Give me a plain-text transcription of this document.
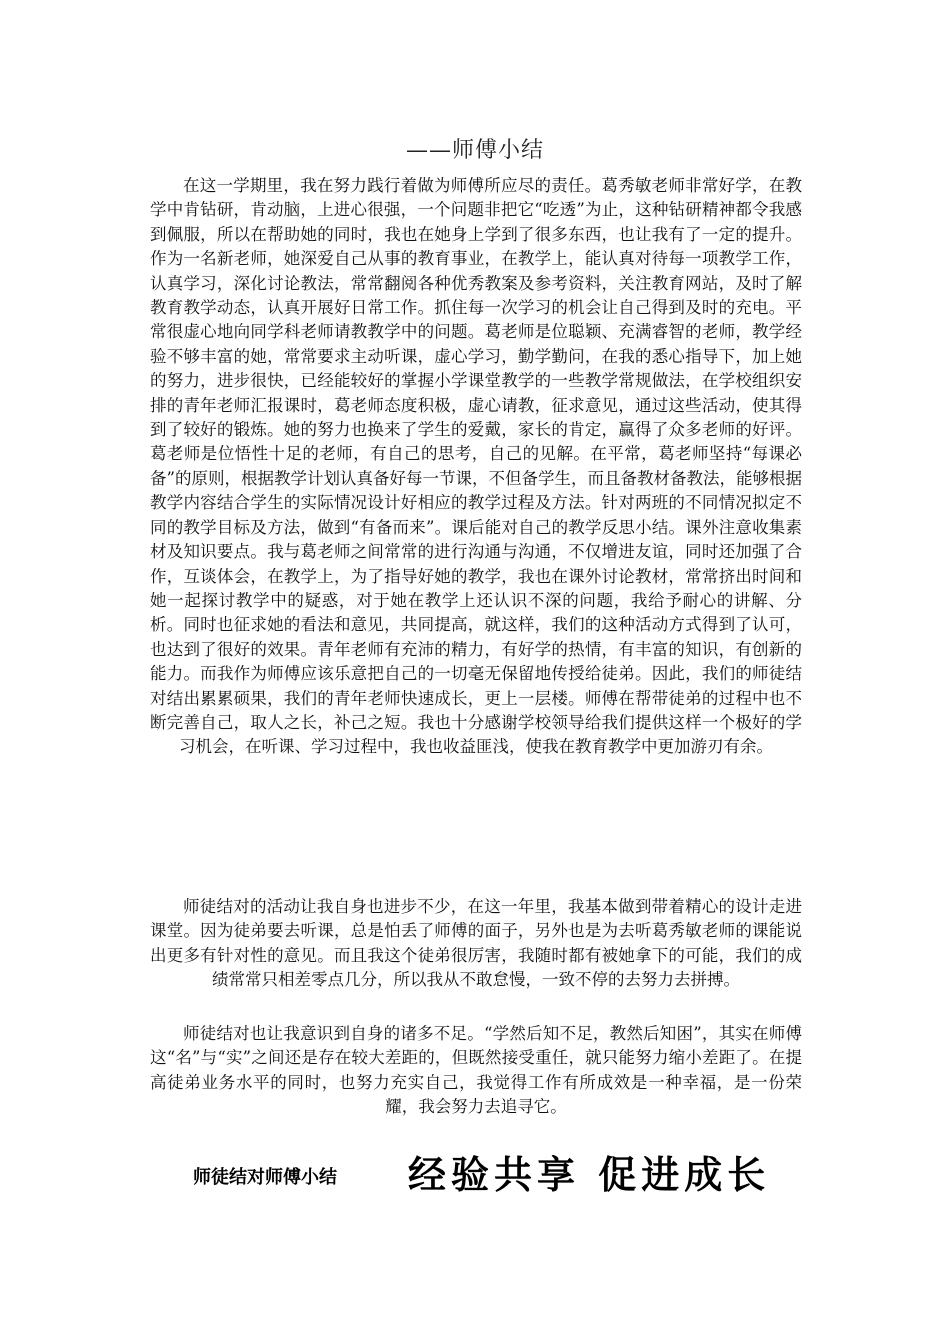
——师傅小结

在这一学期里，我在努力践行着做为师傅所应尽的责任。葛秀敏老师非常好学，在教学中肯钻研，肯动脑，上进心很强，一个问题非把它“吃透”为止，这种钻研精神都令我感到佩服，所以在帮助她的同时，我也在她身上学到了很多东西，也让我有了一定的提升。作为一名新老师，她深爱自己从事的教育事业，在教学上，能认真对待每一项教学工作，认真学习，深化讨论教法，常常翻阅各种优秀教案及参考资料，关注教育网站，及时了解教育教学动态，认真开展好日常工作。抓住每一次学习的机会让自己得到及时的充电。平常很虚心地向同学科老师请教教学中的问题。葛老师是位聪颖、充满睿智的老师，教学经验不够丰富的她，常常要求主动听课，虚心学习，勤学勤问，在我的悉心指导下，加上她的努力，进步很快，已经能较好的掌握小学课堂教学的一些教学常规做法，在学校组织安排的青年老师汇报课时，葛老师态度积极，虚心请教，征求意见，通过这些活动，使其得到了较好的锻炼。她的努力也换来了学生的爱戴，家长的肯定，赢得了众多老师的好评。葛老师是位悟性十足的老师，有自己的思考，自己的见解。在平常，葛老师坚持“每课必备”的原则，根据教学计划认真备好每一节课，不但备学生，而且备教材备教法，能够根据教学内容结合学生的实际情况设计好相应的教学过程及方法。针对两班的不同情况拟定不同的教学目标及方法，做到“有备而来”。课后能对自己的教学反思小结。课外注意收集素材及知识要点。我与葛老师之间常常的进行沟通与沟通，不仅增进友谊，同时还加强了合作，互谈体会，在教学上，为了指导好她的教学，我也在课外讨论教材，常常挤出时间和她一起探讨教学中的疑惑，对于她在教学上还认识不深的问题，我给予耐心的讲解、分析。同时也征求她的看法和意见，共同提高，就这样，我们的这种活动方式得到了认可，也达到了很好的效果。青年老师有充沛的精力，有好学的热情，有丰富的知识，有创新的能力。而我作为师傅应该乐意把自己的一切毫无保留地传授给徒弟。因此，我们的师徒结对结出累累硕果，我们的青年老师快速成长，更上一层楼。师傅在帮带徒弟的过程中也不断完善自己，取人之长，补己之短。我也十分感谢学校领导给我们提供这样一个极好的学习机会，在听课、学习过程中，我也收益匪浅，使我在教育教学中更加游刃有余。

师徒结对的活动让我自身也进步不少，在这一年里，我基本做到带着精心的设计走进课堂。因为徒弟要去听课，总是怕丢了师傅的面子，另外也是为去听葛秀敏老师的课能说出更多有针对性的意见。而且我这个徒弟很厉害，我随时都有被她拿下的可能，我们的成绩常常只相差零点几分，所以我从不敢怠慢，一致不停的去努力去拼搏。

师徒结对也让我意识到自身的诸多不足。“学然后知不足，教然后知困”，其实在师傅这“名”与“实”之间还是存在较大差距的，但既然接受重任，就只能努力缩小差距了。在提高徒弟业务水平的同时，也努力充实自己，我觉得工作有所成效是一种幸福，是一份荣耀，我会努力去追寻它。

师徒结对师傅小结 经验共享 促进成长
